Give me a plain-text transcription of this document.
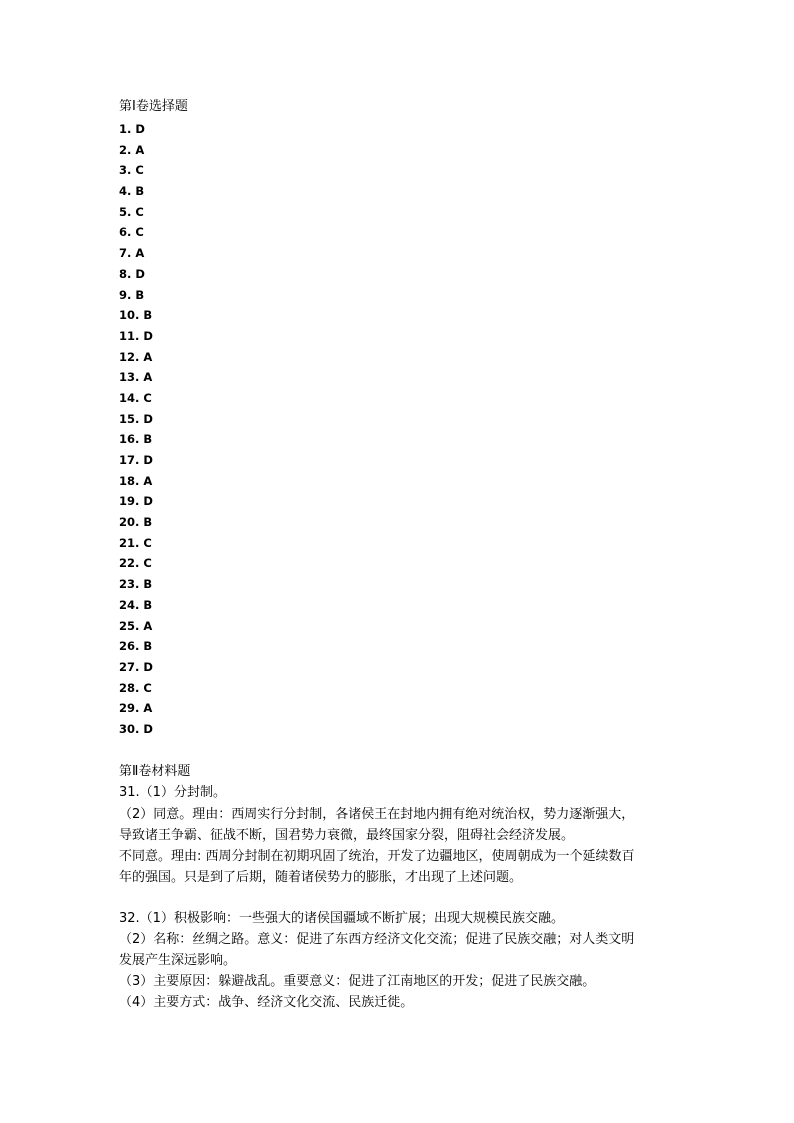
第Ⅰ卷选择题
1. D
2. A
3. C
4. B
5. C
6. C
7. A
8. D
9. B
10. B
11. D
12. A
13. A
14. C
15. D
16. B
17. D
18. A
19. D
20. B
21. C
22. C
23. B
24. B
25. A
26. B
27. D
28. C
29. A
30. D
第Ⅱ卷材料题

31.（1）分封制。

（2）同意。理由：西周实行分封制，各诸侯王在封地内拥有绝对统治权，势力逐渐强大，

导致诸王争霸、征战不断，国君势力衰微，最终国家分裂，阻碍社会经济发展。

不同意。理由: 西周分封制在初期巩固了统治，开发了边疆地区，使周朝成为一个延续数百

年的强国。只是到了后期，随着诸侯势力的膨胀，才出现了上述问题。

32.（1）积极影响：一些强大的诸侯国疆域不断扩展；出现大规模民族交融。

（2）名称：丝绸之路。意义：促进了东西方经济文化交流；促进了民族交融；对人类文明

发展产生深远影响。

（3）主要原因：躲避战乱。重要意义：促进了江南地区的开发；促进了民族交融。

（4）主要方式：战争、经济文化交流、民族迁徙。
